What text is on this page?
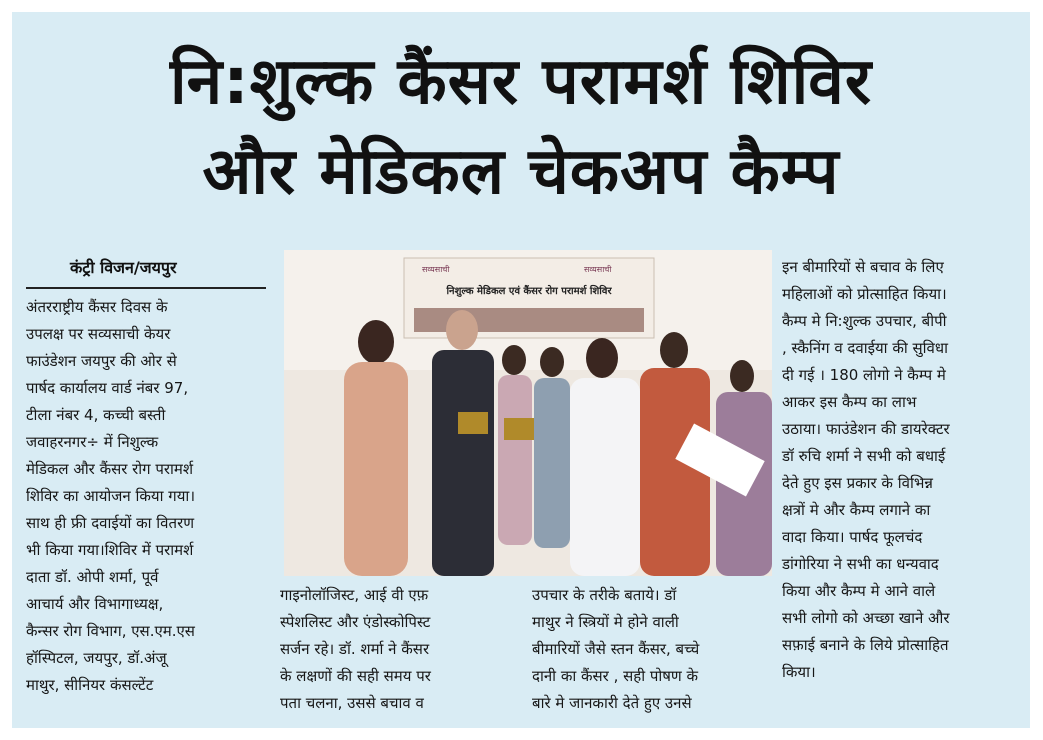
नि:शुल्क कैंसर परामर्श शिविर
और मेडिकल चेकअप कैम्प
कंट्री विजन/जयपुर

अंतरराष्ट्रीय कैंसर दिवस के

उपलक्ष पर सव्यसाची केयर

फाउंडेशन जयपुर की ओर से

पार्षद कार्यालय वार्ड नंबर 97,

टीला नंबर 4, कच्ची बस्ती

जवाहरनगर÷ में निशुल्क

मेडिकल और कैंसर रोग परामर्श

शिविर का आयोजन किया गया।

साथ ही फ्री दवाईयों का वितरण

भी किया गया।शिविर में परामर्श

दाता डॉ. ओपी शर्मा, पूर्व

आचार्य और विभागाध्यक्ष,

कैन्सर रोग विभाग, एस.एम.एस

हॉस्पिटल, जयपुर, डॉ.अंजू

माथुर, सीनियर कंसल्टेंट

सव्यसाची	सव्यसाची
निशुल्क मेडिकल एवं कैंसर रोग परामर्श शिविर

गाइनोलॉजिस्ट, आई वी एफ़

स्पेशलिस्ट और एंडोस्कोपिस्ट

सर्जन रहे। डॉ. शर्मा ने कैंसर

के लक्षणों की सही समय पर

पता चलना, उससे बचाव व

उपचार के तरीके बताये। डॉ

माथुर ने स्त्रियों मे होने वाली

बीमारियों जैसे स्तन कैंसर, बच्चे

दानी का कैंसर , सही पोषण के

बारे मे जानकारी देते हुए उनसे

इन बीमारियों से बचाव के लिए

महिलाओं को प्रोत्साहित किया।

कैम्प मे नि:शुल्क उपचार, बीपी

, स्कैनिंग व दवाईया की सुविधा

दी गई । 180 लोगो ने कैम्प मे

आकर इस कैम्प का लाभ

उठाया। फाउंडेशन की डायरेक्टर

डॉ रुचि शर्मा ने सभी को बधाई

देते हुए इस प्रकार के विभिन्न

क्षत्रों मे और कैम्प लगाने का

वादा किया। पार्षद फूलचंद

डांगोरिया ने सभी का धन्यवाद

किया और कैम्प मे आने वाले

सभी लोगो को अच्छा खाने और

सफ़ाई बनाने के लिये प्रोत्साहित

किया।
